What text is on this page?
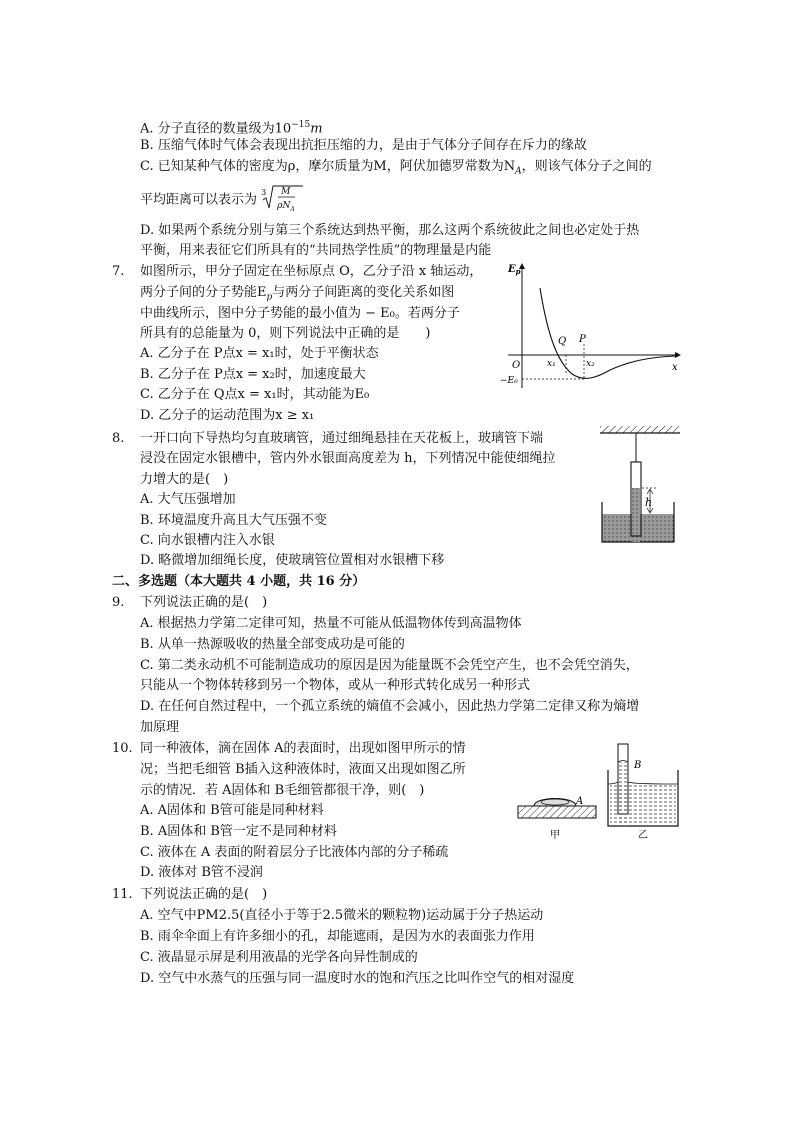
A. 分子直径的数量级为$10^{-15}m$
B. 压缩气体时气体会表现出抗拒压缩的力，是由于气体分子间存在斥力的缘故
C. 已知某种气体的密度为ρ，摩尔质量为M，阿伏加德罗常数为$N_A$，则该气体分子之间的
平均距离可以表示为 3 M
$\rho N_A$
D. 如果两个系统分别与第三个系统达到热平衡，那么这两个系统彼此之间也必定处于热
平衡，用来表征它们所具有的“共同热学性质”的物理量是内能
7. 如图所示，甲分子固定在坐标原点 O，乙分子沿 x 轴运动，
两分子间的分子势能$E_p$与两分子间距离的变化关系如图
中曲线所示，图中分子势能的最小值为 − E₀。若两分子
所具有的总能量为 0，则下列说法中正确的是　　)
A. 乙分子在 P点x = x₁时，处于平衡状态
B. 乙分子在 P点x = x₂时，加速度最大
C. 乙分子在 Q点x = x₁时，其动能为E₀
D. 乙分子的运动范围为x ≥ x₁
$E_p$
O
Q P
x₁	x₂	x
−E₀
8. 一开口向下导热均匀直玻璃管，通过细绳悬挂在天花板上，玻璃管下端
浸没在固定水银槽中，管内外水银面高度差为 h，下列情况中能使细绳拉
力增大的是(　)
A. 大气压强增加
B. 环境温度升高且大气压强不变
C. 向水银槽内注入水银
D. 略微增加细绳长度，使玻璃管位置相对水银槽下移
h
二、多选题（本大题共 4 小题，共 16 分）
9. 下列说法正确的是(　)
A. 根据热力学第二定律可知，热量不可能从低温物体传到高温物体
B. 从单一热源吸收的热量全部变成功是可能的
C. 第二类永动机不可能制造成功的原因是因为能量既不会凭空产生，也不会凭空消失，
只能从一个物体转移到另一个物体，或从一种形式转化成另一种形式
D. 在任何自然过程中，一个孤立系统的熵值不会减小，因此热力学第二定律又称为熵增
加原理
10. 同一种液体，滴在固体 A的表面时，出现如图甲所示的情
况；当把毛细管 B插入这种液体时，液面又出现如图乙所
示的情况．若 A固体和 B毛细管都很干净，则(　)
A. A固体和 B管可能是同种材料
B. A固体和 B管一定不是同种材料
C. 液体在 A 表面的附着层分子比液体内部的分子稀疏
D. 液体对 B管不浸润
A
甲
B
乙
11. 下列说法正确的是(　)
A. 空气中PM2.5(直径小于等于2.5微米的颗粒物)运动属于分子热运动
B. 雨伞伞面上有许多细小的孔，却能遮雨，是因为水的表面张力作用
C. 液晶显示屏是利用液晶的光学各向异性制成的
D. 空气中水蒸气的压强与同一温度时水的饱和汽压之比叫作空气的相对湿度
